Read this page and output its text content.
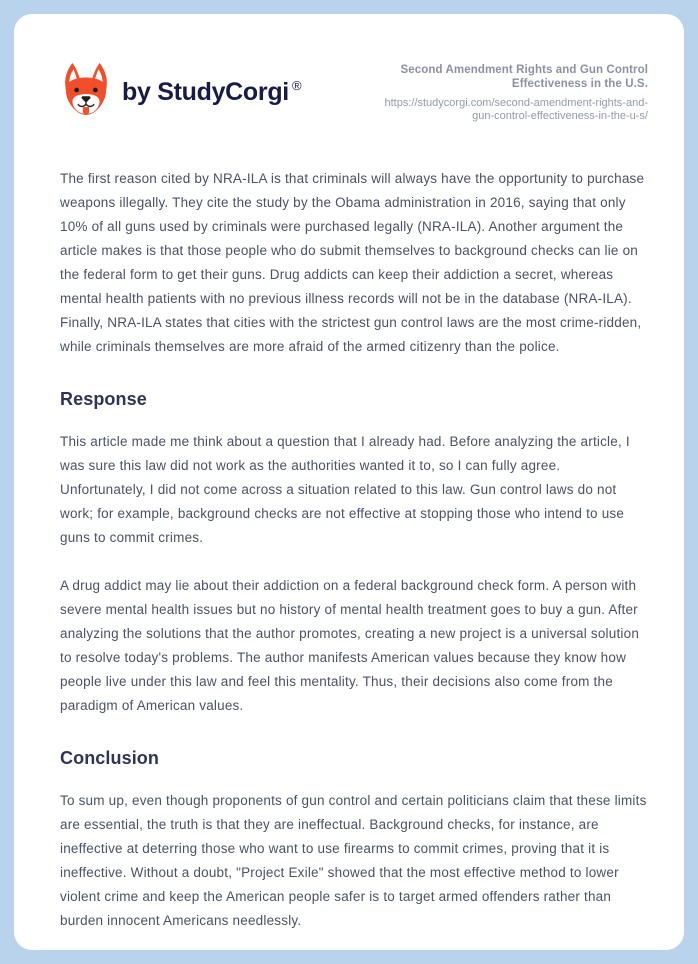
by StudyCorgi ®
Second Amendment Rights and Gun Control Effectiveness in the U.S.
https://studycorgi.com/second-amendment-rights-and-gun-control-effectiveness-in-the-u-s/

The first reason cited by NRA-ILA is that criminals will always have the opportunity to purchase weapons illegally. They cite the study by the Obama administration in 2016, saying that only 10% of all guns used by criminals were purchased legally (NRA-ILA). Another argument the article makes is that those people who do submit themselves to background checks can lie on the federal form to get their guns. Drug addicts can keep their addiction a secret, whereas mental health patients with no previous illness records will not be in the database (NRA-ILA). Finally, NRA-ILA states that cities with the strictest gun control laws are the most crime-ridden, while criminals themselves are more afraid of the armed citizenry than the police.

Response

This article made me think about a question that I already had. Before analyzing the article, I was sure this law did not work as the authorities wanted it to, so I can fully agree. Unfortunately, I did not come across a situation related to this law. Gun control laws do not work; for example, background checks are not effective at stopping those who intend to use guns to commit crimes.

A drug addict may lie about their addiction on a federal background check form. A person with severe mental health issues but no history of mental health treatment goes to buy a gun. After analyzing the solutions that the author promotes, creating a new project is a universal solution to resolve today's problems. The author manifests American values because they know how people live under this law and feel this mentality. Thus, their decisions also come from the paradigm of American values.

Conclusion

To sum up, even though proponents of gun control and certain politicians claim that these limits are essential, the truth is that they are ineffectual. Background checks, for instance, are ineffective at deterring those who want to use firearms to commit crimes, proving that it is ineffective. Without a doubt, "Project Exile" showed that the most effective method to lower violent crime and keep the American people safer is to target armed offenders rather than burden innocent Americans needlessly.
